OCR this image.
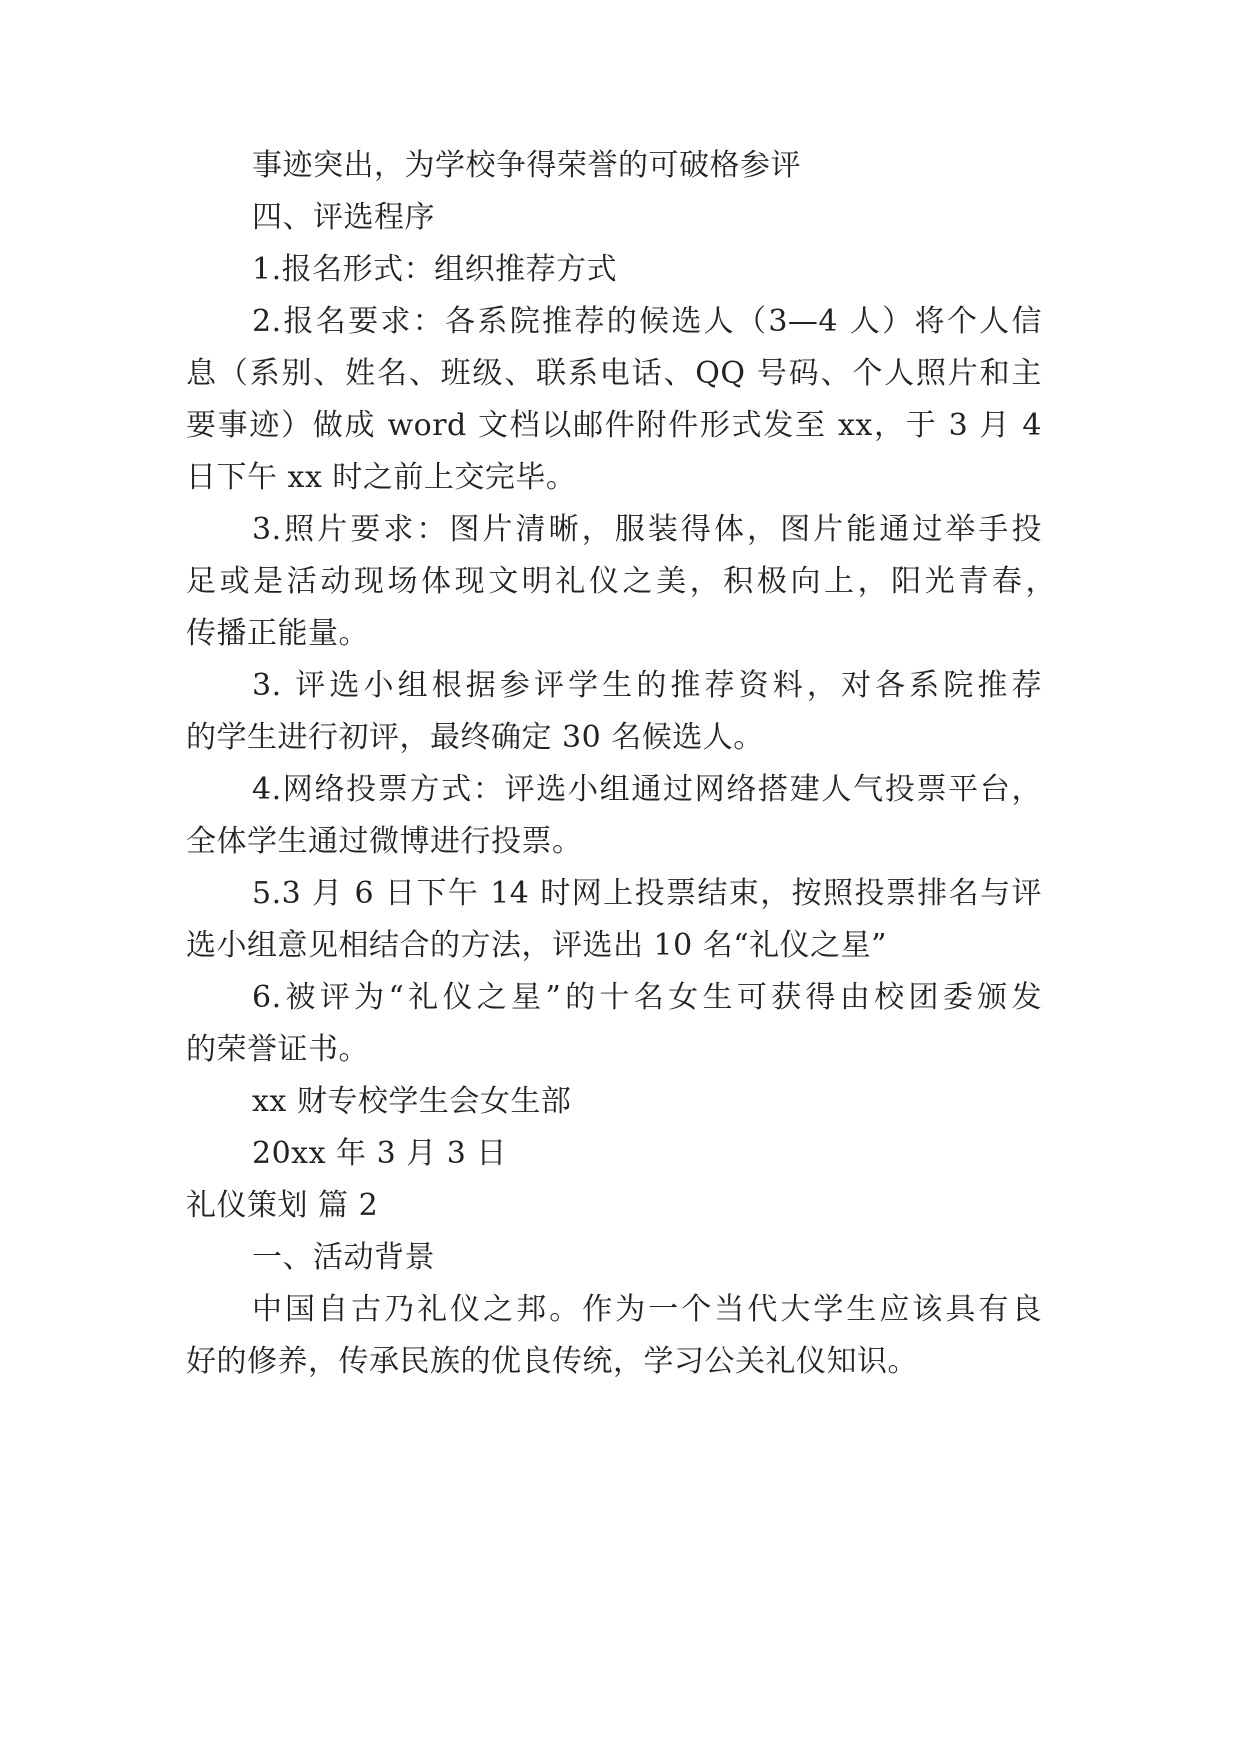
事迹突出，为学校争得荣誉的可破格参评
四、评选程序
1.报名形式：组织推荐方式
2.报名要求：各系院推荐的候选人（3—4 人）将个人信
息（系别、姓名、班级、联系电话、QQ 号码、个人照片和主
要事迹）做成 word 文档以邮件附件形式发至 xx，于 3 月 4
日下午 xx 时之前上交完毕。
3.照片要求：图片清晰，服装得体，图片能通过举手投
足或是活动现场体现文明礼仪之美，积极向上，阳光青春，
传播正能量。
3. 评选小组根据参评学生的推荐资料，对各系院推荐
的学生进行初评，最终确定 30 名候选人。
4.网络投票方式：评选小组通过网络搭建人气投票平台，
全体学生通过微博进行投票。
5.3 月 6 日下午 14 时网上投票结束，按照投票排名与评
选小组意见相结合的方法，评选出 10 名“礼仪之星”
6.被评为“礼仪之星”的十名女生可获得由校团委颁发
的荣誉证书。
xx 财专校学生会女生部
20xx 年 3 月 3 日
礼仪策划 篇 2
一、活动背景
中国自古乃礼仪之邦。作为一个当代大学生应该具有良
好的修养，传承民族的优良传统，学习公关礼仪知识。
